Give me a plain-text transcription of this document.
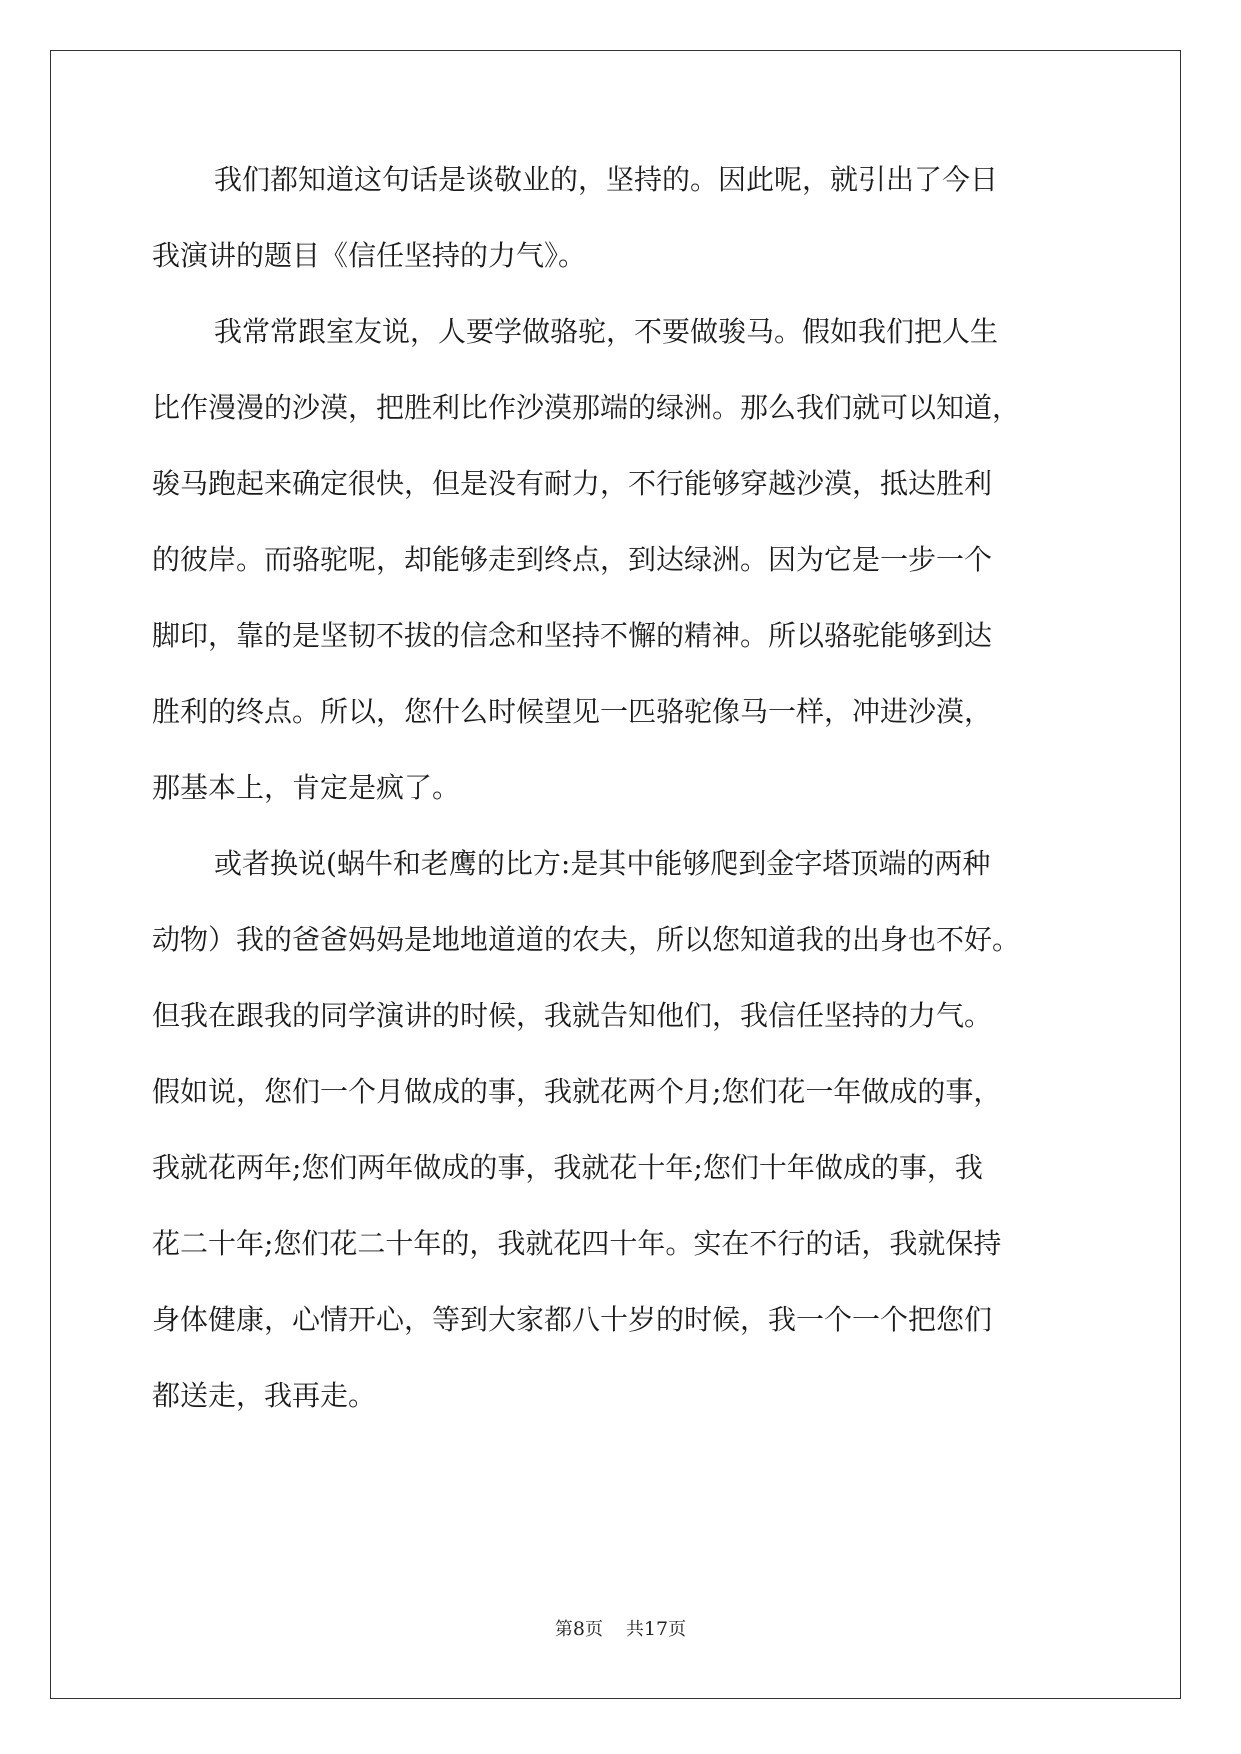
我们都知道这句话是谈敬业的，坚持的。因此呢，就引出了今日
我演讲的题目《信任坚持的力气》。
我常常跟室友说，人要学做骆驼，不要做骏马。假如我们把人生
比作漫漫的沙漠，把胜利比作沙漠那端的绿洲。那么我们就可以知道，
骏马跑起来确定很快，但是没有耐力，不行能够穿越沙漠，抵达胜利
的彼岸。而骆驼呢，却能够走到终点，到达绿洲。因为它是一步一个
脚印，靠的是坚韧不拔的信念和坚持不懈的精神。所以骆驼能够到达
胜利的终点。所以，您什么时候望见一匹骆驼像马一样，冲进沙漠，
那基本上，肯定是疯了。
或者换说(蜗牛和老鹰的比方:是其中能够爬到金字塔顶端的两种
动物）我的爸爸妈妈是地地道道的农夫，所以您知道我的出身也不好。
但我在跟我的同学演讲的时候，我就告知他们，我信任坚持的力气。
假如说，您们一个月做成的事，我就花两个月;您们花一年做成的事，
我就花两年;您们两年做成的事，我就花十年;您们十年做成的事，我
花二十年;您们花二十年的，我就花四十年。实在不行的话，我就保持
身体健康，心情开心，等到大家都八十岁的时候，我一个一个把您们
都送走，我再走。
第8页 共17页
